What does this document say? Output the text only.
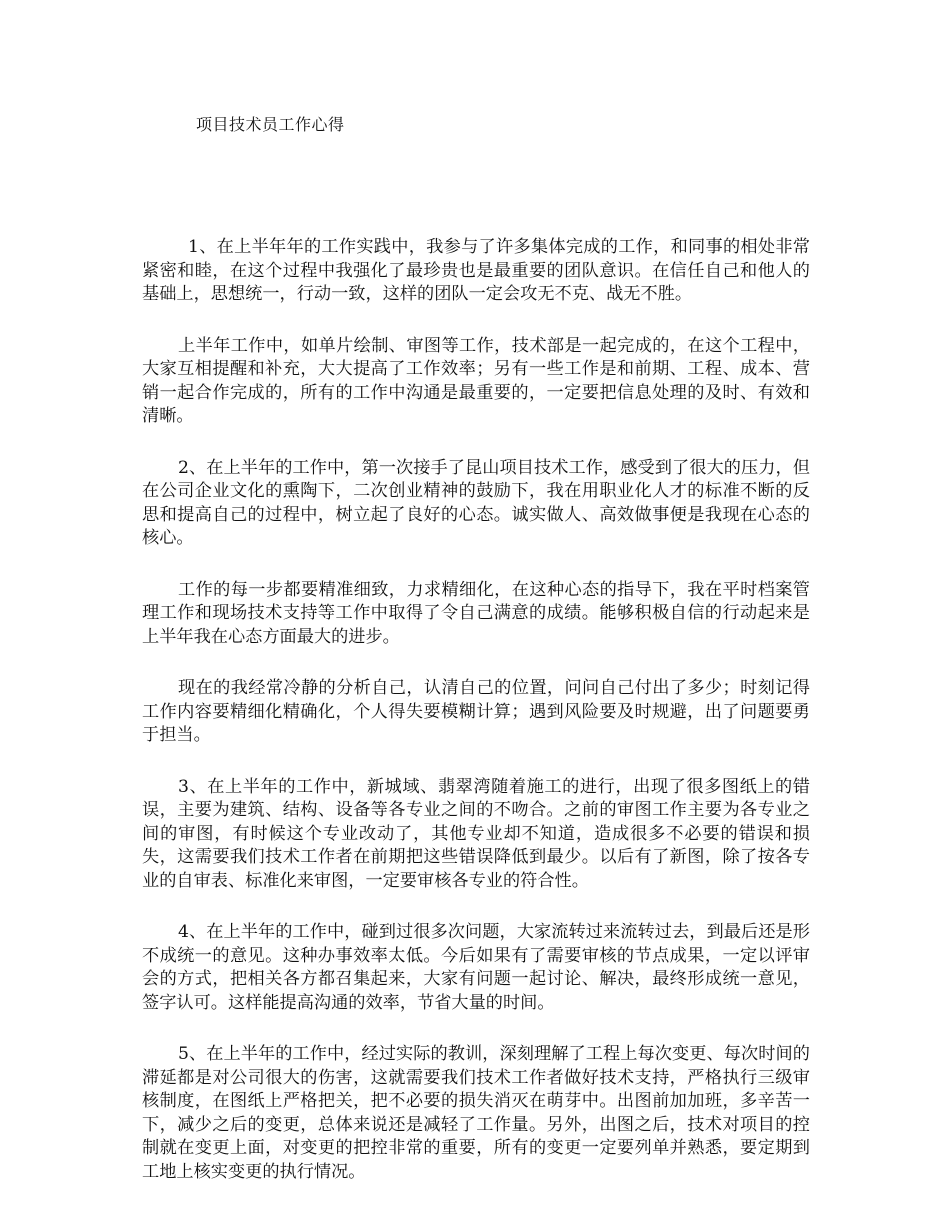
项目技术员工作心得

1、在上半年年的工作实践中，我参与了许多集体完成的工作，和同事的相处非常紧密和睦，在这个过程中我强化了最珍贵也是最重要的团队意识。在信任自己和他人的基础上，思想统一，行动一致，这样的团队一定会攻无不克、战无不胜。

上半年工作中，如单片绘制、审图等工作，技术部是一起完成的，在这个工程中，大家互相提醒和补充，大大提高了工作效率；另有一些工作是和前期、工程、成本、营销一起合作完成的，所有的工作中沟通是最重要的，一定要把信息处理的及时、有效和清晰。

2、在上半年的工作中，第一次接手了昆山项目技术工作，感受到了很大的压力，但在公司企业文化的熏陶下，二次创业精神的鼓励下，我在用职业化人才的标准不断的反思和提高自己的过程中，树立起了良好的心态。诚实做人、高效做事便是我现在心态的核心。

工作的每一步都要精准细致，力求精细化，在这种心态的指导下，我在平时档案管理工作和现场技术支持等工作中取得了令自己满意的成绩。能够积极自信的行动起来是上半年我在心态方面最大的进步。

现在的我经常冷静的分析自己，认清自己的位置，问问自己付出了多少；时刻记得工作内容要精细化精确化，个人得失要模糊计算；遇到风险要及时规避，出了问题要勇于担当。

3、在上半年的工作中，新城域、翡翠湾随着施工的进行，出现了很多图纸上的错误，主要为建筑、结构、设备等各专业之间的不吻合。之前的审图工作主要为各专业之间的审图，有时候这个专业改动了，其他专业却不知道，造成很多不必要的错误和损失，这需要我们技术工作者在前期把这些错误降低到最少。以后有了新图，除了按各专业的自审表、标准化来审图，一定要审核各专业的符合性。

4、在上半年的工作中，碰到过很多次问题，大家流转过来流转过去，到最后还是形不成统一的意见。这种办事效率太低。今后如果有了需要审核的节点成果，一定以评审会的方式，把相关各方都召集起来，大家有问题一起讨论、解决，最终形成统一意见，签字认可。这样能提高沟通的效率，节省大量的时间。

5、在上半年的工作中，经过实际的教训，深刻理解了工程上每次变更、每次时间的滞延都是对公司很大的伤害，这就需要我们技术工作者做好技术支持，严格执行三级审核制度，在图纸上严格把关，把不必要的损失消灭在萌芽中。出图前加加班，多辛苦一下，减少之后的变更，总体来说还是减轻了工作量。另外，出图之后，技术对项目的控制就在变更上面，对变更的把控非常的重要，所有的变更一定要列单并熟悉，要定期到工地上核实变更的执行情况。
